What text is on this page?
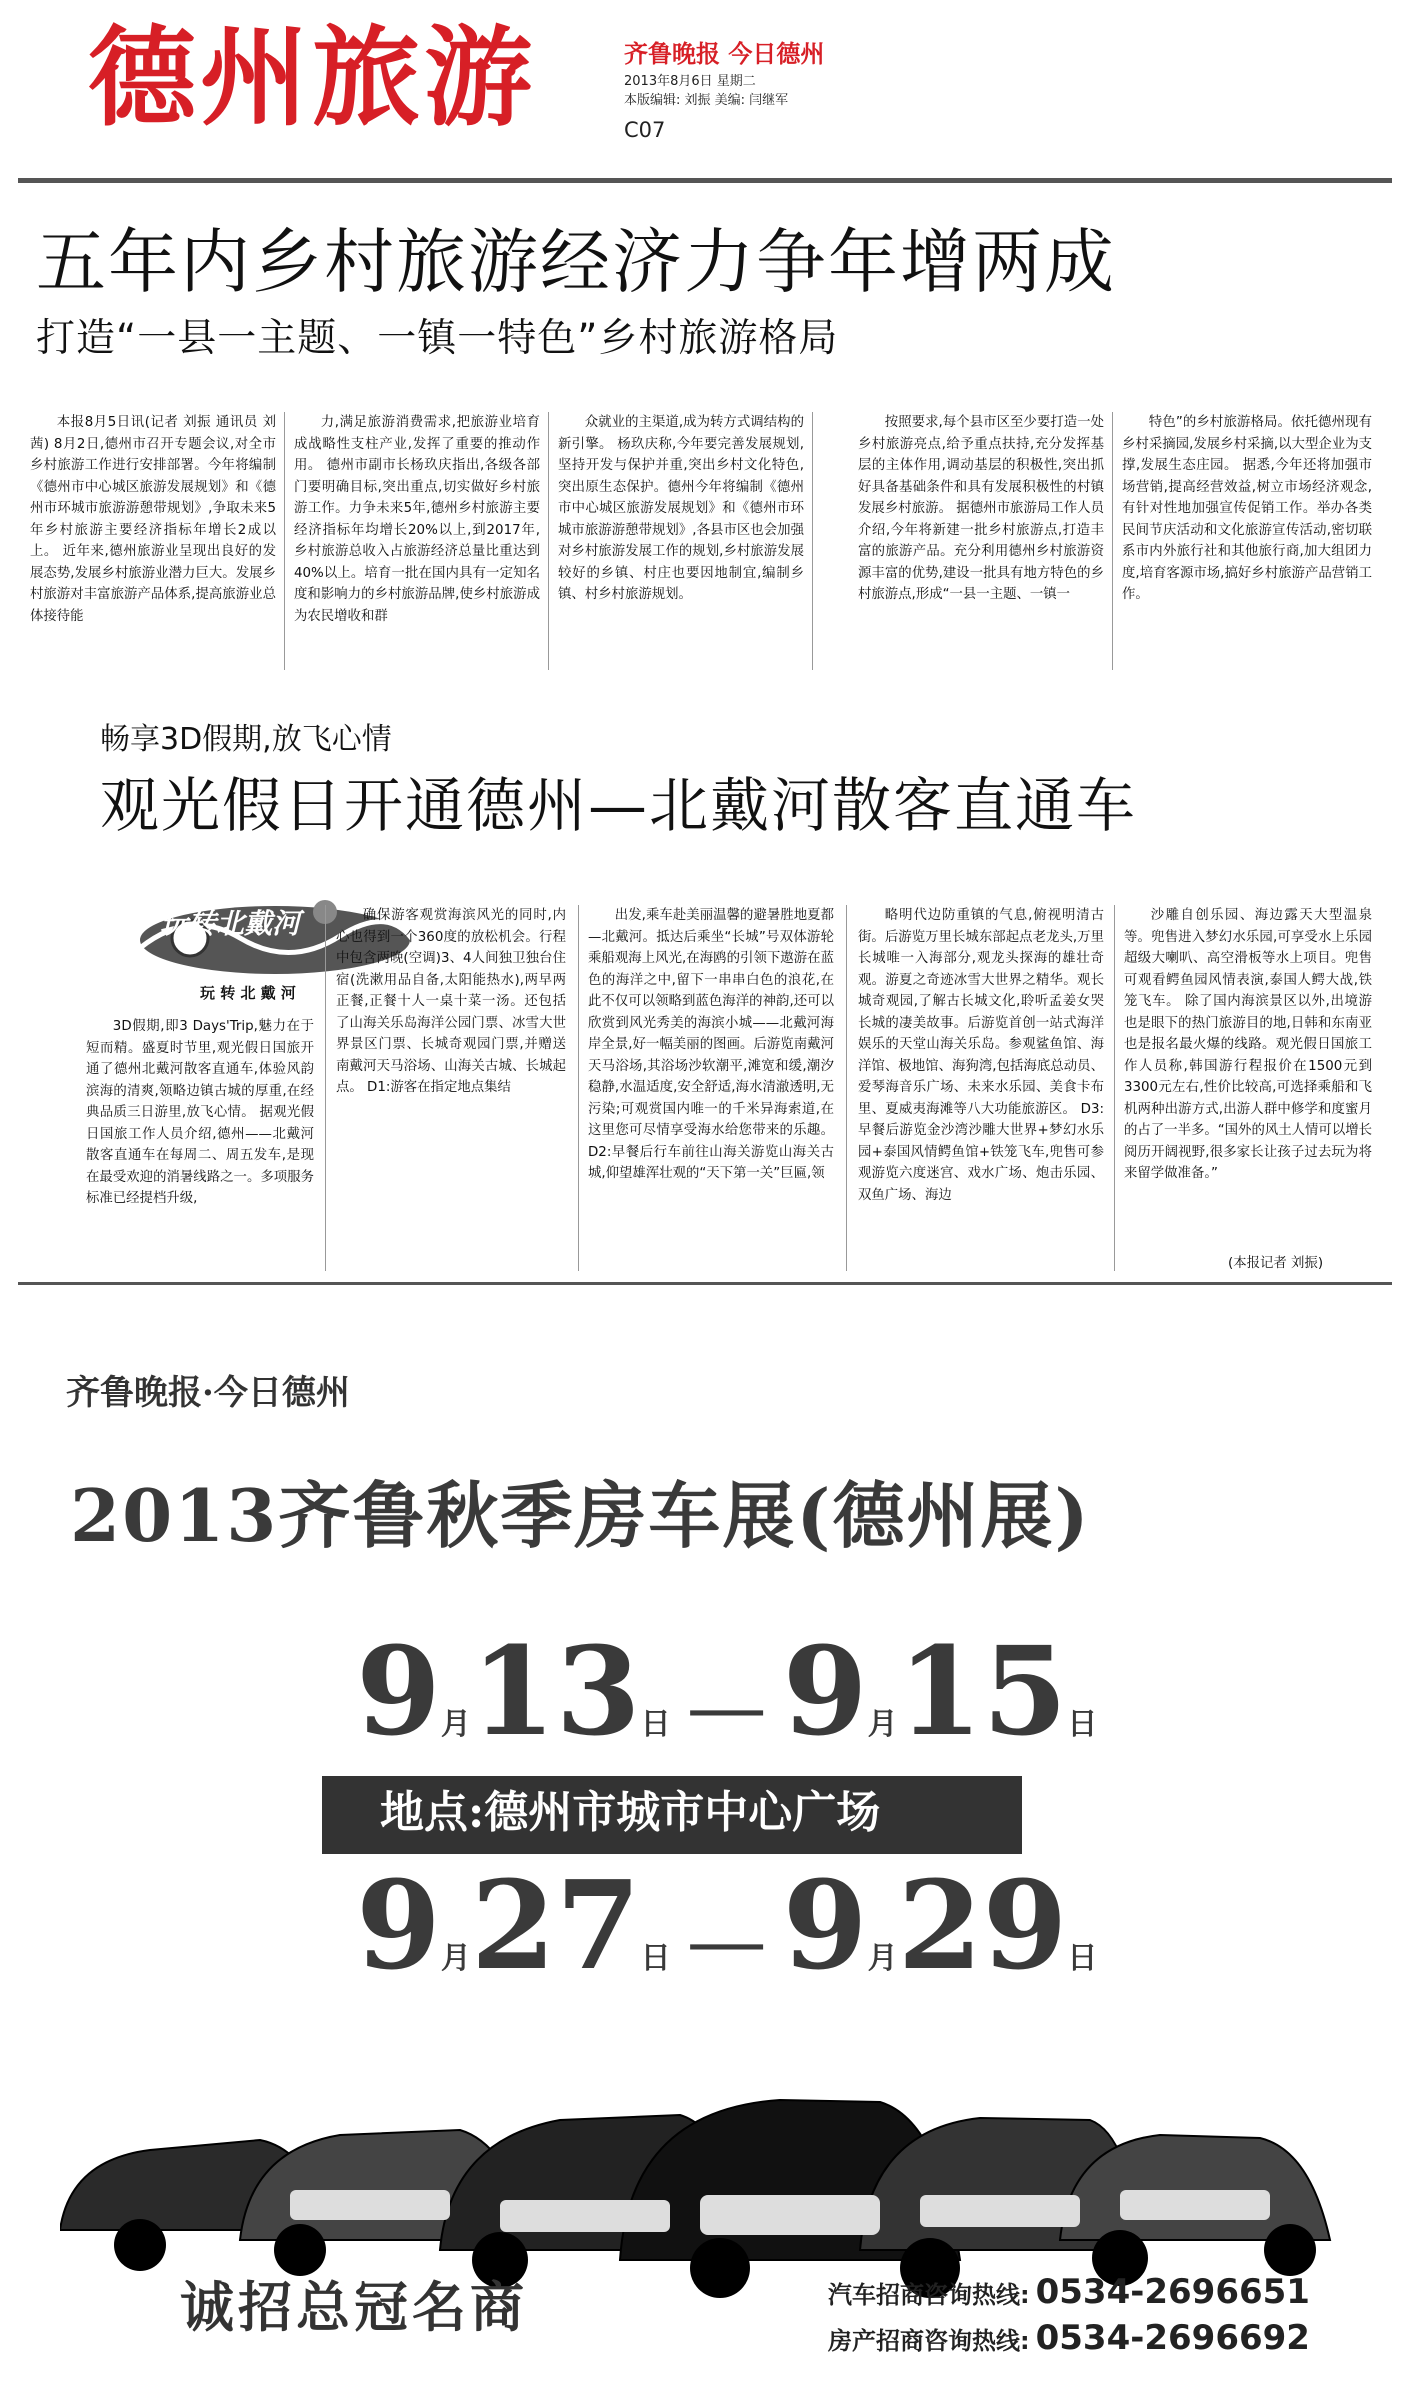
德州旅游	齐鲁晚报 今日德州
2013年8月6日 星期二
本版编辑: 刘振 美编: 闫继军
C07
五年内乡村旅游经济力争年增两成
打造“一县一主题、一镇一特色”乡村旅游格局

本报8月5日讯(记者 刘振 通讯员 刘茜) 8月2日,德州市召开专题会议,对全市乡村旅游工作进行安排部署。今年将编制《德州市中心城区旅游发展规划》和《德州市环城市旅游游憩带规划》,争取未来5年乡村旅游主要经济指标年增长2成以上。 近年来,德州旅游业呈现出良好的发展态势,发展乡村旅游业潜力巨大。发展乡村旅游对丰富旅游产品体系,提高旅游业总体接待能

力,满足旅游消费需求,把旅游业培育成战略性支柱产业,发挥了重要的推动作用。 德州市副市长杨玖庆指出,各级各部门要明确目标,突出重点,切实做好乡村旅游工作。力争未来5年,德州乡村旅游主要经济指标年均增长20%以上,到2017年,乡村旅游总收入占旅游经济总量比重达到40%以上。培育一批在国内具有一定知名度和影响力的乡村旅游品牌,使乡村旅游成为农民增收和群

众就业的主渠道,成为转方式调结构的新引擎。 杨玖庆称,今年要完善发展规划,坚持开发与保护并重,突出乡村文化特色,突出原生态保护。德州今年将编制《德州市中心城区旅游发展规划》和《德州市环城市旅游游憩带规划》,各县市区也会加强对乡村旅游发展工作的规划,乡村旅游发展较好的乡镇、村庄也要因地制宜,编制乡镇、村乡村旅游规划。

按照要求,每个县市区至少要打造一处乡村旅游亮点,给予重点扶持,充分发挥基层的主体作用,调动基层的积极性,突出抓好具备基础条件和具有发展积极性的村镇发展乡村旅游。 据德州市旅游局工作人员介绍,今年将新建一批乡村旅游点,打造丰富的旅游产品。充分利用德州乡村旅游资源丰富的优势,建设一批具有地方特色的乡村旅游点,形成“一县一主题、一镇一

特色”的乡村旅游格局。依托德州现有乡村采摘园,发展乡村采摘,以大型企业为支撑,发展生态庄园。 据悉,今年还将加强市场营销,提高经营效益,树立市场经济观念,有针对性地加强宣传促销工作。举办各类民间节庆活动和文化旅游宣传活动,密切联系市内外旅行社和其他旅行商,加大组团力度,培育客源市场,搞好乡村旅游产品营销工作。

畅享3D假期,放飞心情
观光假日开通德州—北戴河散客直通车
玩转北戴河
玩 转 北 戴 河

3D假期,即3 Days'Trip,魅力在于短而精。盛夏时节里,观光假日国旅开通了德州北戴河散客直通车,体验风韵滨海的清爽,领略边镇古城的厚重,在经典品质三日游里,放飞心情。 据观光假日国旅工作人员介绍,德州——北戴河散客直通车在每周二、周五发车,是现在最受欢迎的消暑线路之一。多项服务标准已经提档升级,

确保游客观赏海滨风光的同时,内心也得到一个360度的放松机会。行程中包含两晚(空调)3、4人间独卫独台住宿(洗漱用品自备,太阳能热水),两早两正餐,正餐十人一桌十菜一汤。还包括了山海关乐岛海洋公园门票、冰雪大世界景区门票、长城奇观园门票,并赠送南戴河天马浴场、山海关古城、长城起点。 D1:游客在指定地点集结

出发,乘车赴美丽温馨的避暑胜地夏都—北戴河。抵达后乘坐“长城”号双体游轮乘船观海上风光,在海鸥的引领下遨游在蓝色的海洋之中,留下一串串白色的浪花,在此不仅可以领略到蓝色海洋的神韵,还可以欣赏到风光秀美的海滨小城——北戴河海岸全景,好一幅美丽的图画。后游览南戴河天马浴场,其浴场沙软潮平,滩宽和缓,潮汐稳静,水温适度,安全舒适,海水清澈透明,无污染;可观赏国内唯一的千米异海索道,在这里您可尽情享受海水给您带来的乐趣。 D2:早餐后行车前往山海关游览山海关古城,仰望雄浑壮观的“天下第一关”巨匾,领

略明代边防重镇的气息,俯视明清古街。后游览万里长城东部起点老龙头,万里长城唯一入海部分,观龙头探海的雄壮奇观。游夏之奇迹冰雪大世界之精华。观长城奇观园,了解古长城文化,聆听孟姜女哭长城的凄美故事。后游览首创一站式海洋娱乐的天堂山海关乐岛。参观鲨鱼馆、海洋馆、极地馆、海狗湾,包括海底总动员、爱琴海音乐广场、未来水乐园、美食卡布里、夏威夷海滩等八大功能旅游区。 D3:早餐后游览金沙湾沙雕大世界+梦幻水乐园+泰国风情鳄鱼馆+铁笼飞车,兜售可参观游览六度迷宫、戏水广场、炮击乐园、双鱼广场、海边

沙雕自创乐园、海边露天大型温泉等。兜售进入梦幻水乐园,可享受水上乐园超级大喇叭、高空滑板等水上项目。兜售可观看鳄鱼园风情表演,泰国人鳄大战,铁笼飞车。 除了国内海滨景区以外,出境游也是眼下的热门旅游目的地,日韩和东南亚也是报名最火爆的线路。观光假日国旅工作人员称,韩国游行程报价在1500元到3300元左右,性价比较高,可选择乘船和飞机两种出游方式,出游人群中修学和度蜜月的占了一半多。“国外的风土人情可以增长阅历开阔视野,很多家长让孩子过去玩为将来留学做准备。”

(本报记者 刘振)
齐鲁晚报·今日德州
2013齐鲁秋季房车展(德州展)
9月13日 — 9月15日
地点:德州市城市中心广场
9月27日 — 9月29日
诚招总冠名商	汽车招商咨询热线: 0534-2696651
房产招商咨询热线: 0534-2696692
